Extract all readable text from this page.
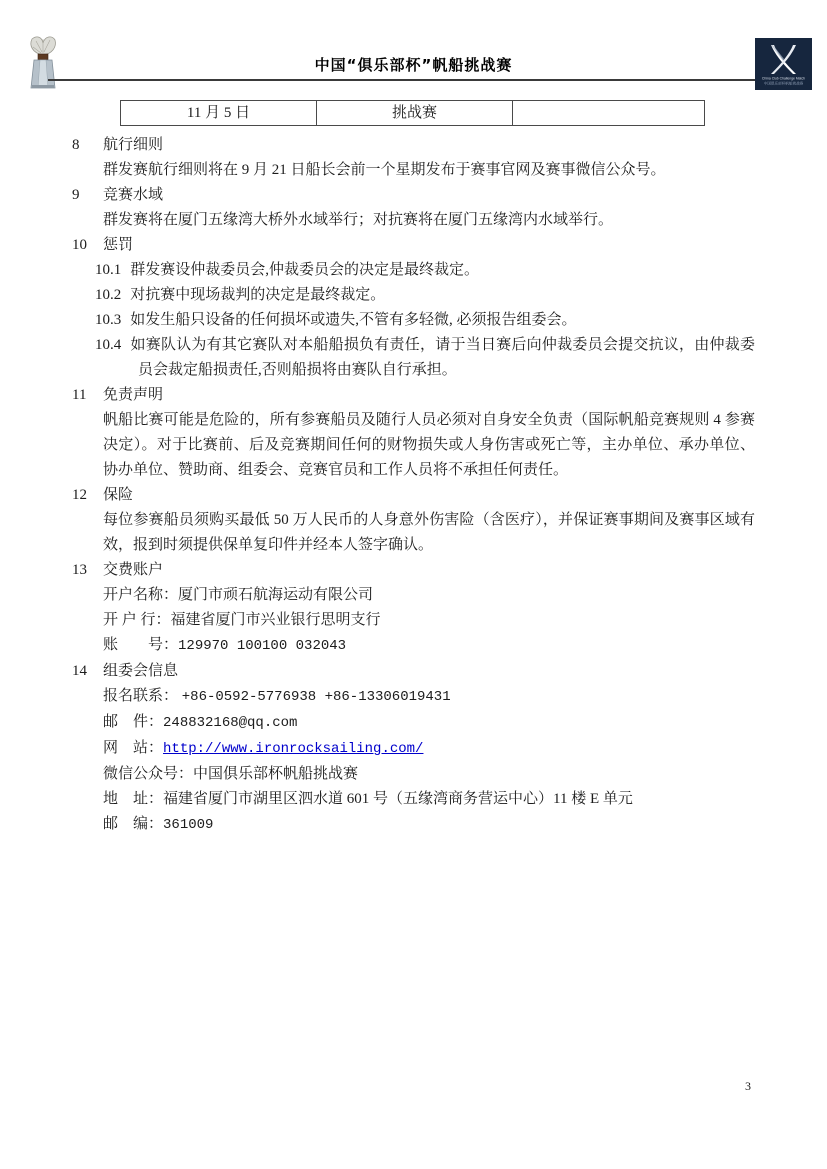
中国“俱乐部杯”帆船挑战赛
China Club Challenge Match
中国俱乐部杯帆船挑战赛
11 月 5 日	挑战赛
8	航行细则

群发赛航行细则将在 9 月 21 日船长会前一个星期发布于赛事官网及赛事微信公众号。

9	竞赛水域

群发赛将在厦门五缘湾大桥外水域举行；对抗赛将在厦门五缘湾内水域举行。

10	惩罚

10.1 群发赛设仲裁委员会,仲裁委员会的决定是最终裁定。

10.2 对抗赛中现场裁判的决定是最终裁定。

10.3 如发生船只设备的任何损坏或遗失,不管有多轻微, 必须报告组委会。

10.4 如赛队认为有其它赛队对本船船损负有责任，请于当日赛后向仲裁委员会提交抗议，由仲裁委员会裁定船损责任,否则船损将由赛队自行承担。

11	免责声明

帆船比赛可能是危险的，所有参赛船员及随行人员必须对自身安全负责（国际帆船竞赛规则 4 参赛决定）。对于比赛前、后及竞赛期间任何的财物损失或人身伤害或死亡等，主办单位、承办单位、协办单位、赞助商、组委会、竞赛官员和工作人员将不承担任何责任。

12	保险

每位参赛船员须购买最低 50 万人民币的人身意外伤害险（含医疗），并保证赛事期间及赛事区域有效，报到时须提供保单复印件并经本人签字确认。

13	交费账户

开户名称：厦门市顽石航海运动有限公司

开 户 行：福建省厦门市兴业银行思明支行

账　　号：129970 100100 032043

14	组委会信息

报名联系： +86-0592-5776938 +86-13306019431

邮　件：248832168@qq.com

网　站：http://www.ironrocksailing.com/

微信公众号：中国俱乐部杯帆船挑战赛

地　址：福建省厦门市湖里区泗水道 601 号（五缘湾商务营运中心）11 楼 E 单元

邮　编：361009

3
